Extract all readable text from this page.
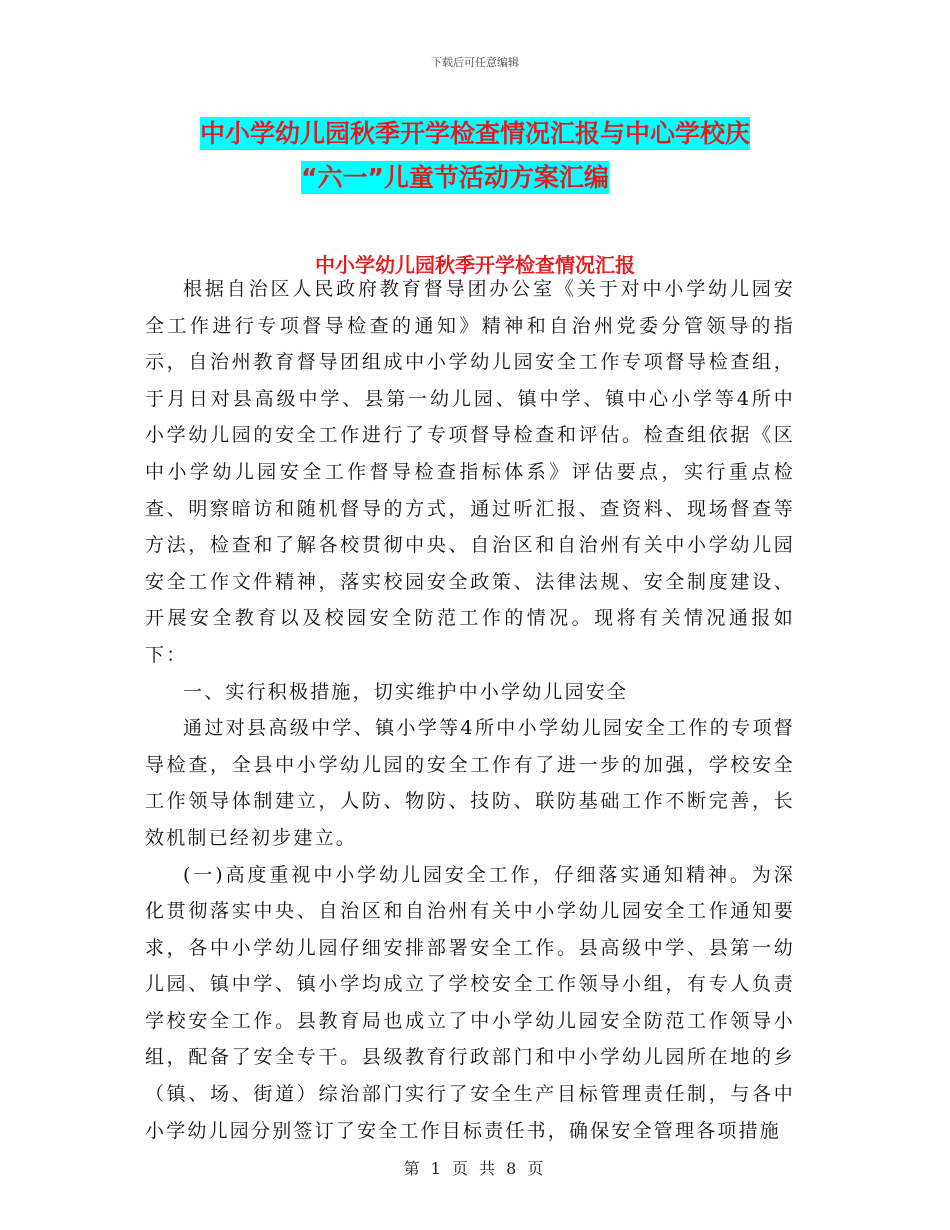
下载后可任意编辑
中小学幼儿园秋季开学检查情况汇报与中心学校庆
“六一”儿童节活动方案汇编
中小学幼儿园秋季开学检查情况汇报

根据自治区人民政府教育督导团办公室《关于对中小学幼儿园安全工作进行专项督导检查的通知》精神和自治州党委分管领导的指示，自治州教育督导团组成中小学幼儿园安全工作专项督导检查组，于月日对县高级中学、县第一幼儿园、镇中学、镇中心小学等4所中小学幼儿园的安全工作进行了专项督导检查和评估。检查组依据《区中小学幼儿园安全工作督导检查指标体系》评估要点，实行重点检查、明察暗访和随机督导的方式，通过听汇报、查资料、现场督查等方法，检查和了解各校贯彻中央、自治区和自治州有关中小学幼儿园安全工作文件精神，落实校园安全政策、法律法规、安全制度建设、开展安全教育以及校园安全防范工作的情况。现将有关情况通报如下：

一、实行积极措施，切实维护中小学幼儿园安全

通过对县高级中学、镇小学等4所中小学幼儿园安全工作的专项督导检查，全县中小学幼儿园的安全工作有了进一步的加强，学校安全工作领导体制建立，人防、物防、技防、联防基础工作不断完善，长效机制已经初步建立。

(一)高度重视中小学幼儿园安全工作，仔细落实通知精神。为深化贯彻落实中央、自治区和自治州有关中小学幼儿园安全工作通知要求，各中小学幼儿园仔细安排部署安全工作。县高级中学、县第一幼儿园、镇中学、镇小学均成立了学校安全工作领导小组，有专人负责学校安全工作。县教育局也成立了中小学幼儿园安全防范工作领导小组，配备了安全专干。县级教育行政部门和中小学幼儿园所在地的乡（镇、场、街道）综治部门实行了安全生产目标管理责任制，与各中小学幼儿园分别签订了安全工作目标责任书，确保安全管理各项措施

第 1 页 共 8 页
